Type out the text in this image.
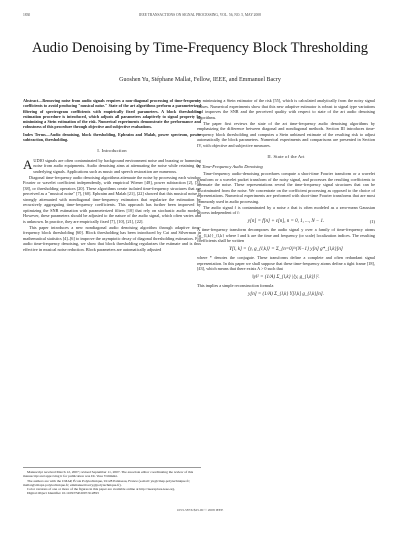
1830	IEEE TRANSACTIONS ON SIGNAL PROCESSING, VOL. 56, NO. 5, MAY 2008
Audio Denoising by Time-Frequency Block Thresholding
Guoshen Yu, Stéphane Mallat, Fellow, IEEE, and Emmanuel Bacry

Abstract—Removing noise from audio signals requires a non-diagonal processing of time-frequency coefficients to avoid producing "musical noise." State of the art algorithms perform a parameterized filtering of spectrogram coefficients with empirically fixed parameters. A block thresholding estimation procedure is introduced, which adjusts all parameters adaptively to signal property by minimizing a Stein estimation of the risk. Numerical experiments demonstrate the performance and robustness of this procedure through objective and subjective evaluations.

Index Terms—Audio denoising, block thresholding, Ephraim and Malah, power spectrum, power subtraction, thresholding.

I. Introduction

AUDIO signals are often contaminated by background environment noise and buzzing or humming noise from audio equipments. Audio denoising aims at attenuating the noise while retaining the underlying signals. Applications such as music and speech restoration are numerous.

Diagonal time-frequency audio denoising algorithms attenuate the noise by processing each window Fourier or wavelet coefficient independently, with empirical Wiener [48], power subtraction [2], [3], [38], or thresholding operators [20]. These algorithms create isolated time-frequency structures that are perceived as a "musical noise" [7], [60]. Ephraim and Malah [21], [22] showed that this musical noise is strongly attenuated with nondiagonal time-frequency estimators that regularize the estimation by recursively aggregating time-frequency coefficients. This approach has further been improved by optimizing the SNR estimation with parameterized filters [10] that rely on stochastic audio models. However, these parameters should be adjusted to the nature of the audio signal, which often varies and is unknown. In practice, they are empirically fixed [7], [10], [21], [22].

This paper introduces a new nondiagonal audio denoising algorithm through adaptive time-frequency block thresholding [60]. Block thresholding has been introduced by Cai and Silverman in mathematical statistics [4]–[6] to improve the asymptotic decay of diagonal thresholding estimators. For audio time-frequency denoising, we show that block thresholding regularizes the estimate and is thus effective in musical noise reduction. Block parameters are automatically adjusted

by minimizing a Stein estimator of the risk [55], which is calculated analytically from the noisy signal values. Numerical experiments show that this new adaptive estimator is robust to signal type variations and improves the SNR and the perceived quality with respect to state of the art audio denoising algorithms.

The paper first reviews the state of the art time-frequency audio denoising algorithms by emphasizing the difference between diagonal and nondiagonal methods. Section III introduces time-frequency block thresholding and computes a Stein unbiased estimate of the resulting risk to adjust automatically the block parameters. Numerical experiments and comparisons are presented in Section IV, with objective and subjective measures.

II. State of the Art
A. Time-Frequency Audio Denoising

Time-frequency audio-denoising procedures compute a short-time Fourier transform or a wavelet transform or a wavelet packet transform of the noisy signal, and processes the resulting coefficients to attenuate the noise. These representations reveal the time-frequency signal structures that can be discriminated from the noise. We concentrate on the coefficient processing as opposed to the choice of representations. Numerical experiments are performed with short-time Fourier transforms that are most commonly used in audio processing.

The audio signal f is contaminated by a noise ε that is often modeled as a zero-mean Gaussian process independent of f:

y[n] = f[n] + ε[n], n = 0, 1, ..., N − 1.	(1)

A time-frequency transform decomposes the audio signal y over a family of time-frequency atoms {g_{l,k}}_{l,k} where l and k are the time and frequency (or scale) localization indices. The resulting coefficients shall be written

Y[l, k] = ⟨y, g_{l,k}⟩ = Σ_{n=0}^{N−1} y[n] g*_{l,k}[n]

where * denotes the conjugate. These transforms define a complete and often redundant signal representation. In this paper we shall suppose that these time-frequency atoms define a tight frame [18], [43], which means that there exists A > 0 such that

‖y‖² = (1/A) Σ_{l,k} |⟨y, g_{l,k}⟩|².

This implies a simple reconstruction formula

y[n] = (1/A) Σ_{l,k} Y[l,k] g_{l,k}[n].
Manuscript received March 12, 2007; revised September 11, 2007. The associate editor coordinating the review of this manuscript and approving it for publication was Dr. Vesa Välimäki.
The authors are with the CMAP, École Polytechnique, 91128 Palaiseau, France (e-mail: yu@cmap.polytechnique.fr; mallat@cmapx.polytechnique.fr; emmanuel.bacry@polytechnique.fr).
Color versions of one or more of the figures in this paper are available online at http://ieeexplore.ieee.org.
Digital Object Identifier 10.1109/TSP.2007.912893
1053-587X/$25.00 © 2008 IEEE
